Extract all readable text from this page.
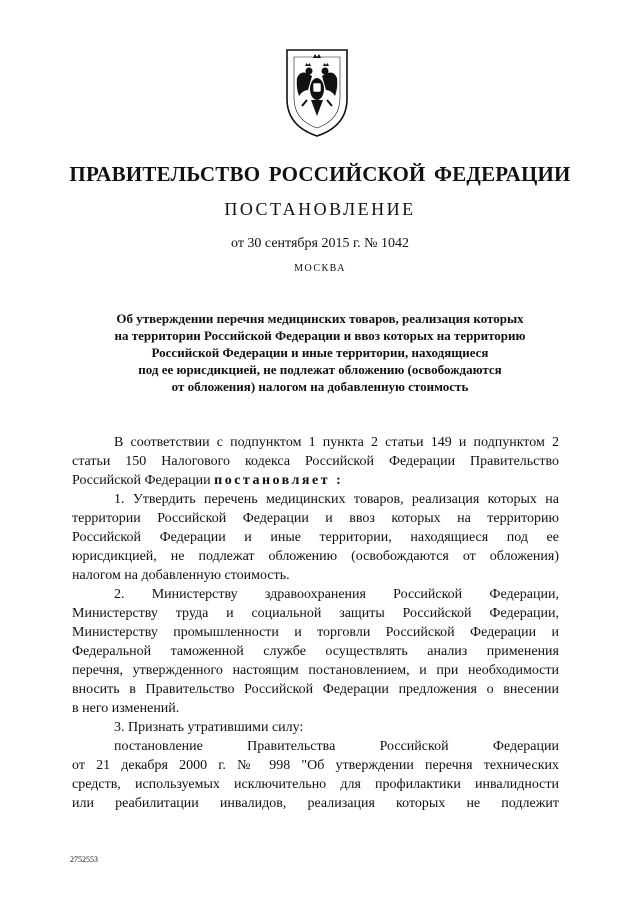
ПРАВИТЕЛЬСТВО РОССИЙСКОЙ ФЕДЕРАЦИИ
ПОСТАНОВЛЕНИЕ
от 30 сентября 2015 г. № 1042
МОСКВА
Об утверждении перечня медицинских товаров, реализация которых
на территории Российской Федерации и ввоз которых на территорию
Российской Федерации и иные территории, находящиеся
под ее юрисдикцией, не подлежат обложению (освобождаются
от обложения) налогом на добавленную стоимость
В соответствии с подпунктом 1 пункта 2 статьи 149 и подпунктом 2
статьи 150 Налогового кодекса Российской Федерации Правительство
Российской Федерации постановляет :
1. Утвердить перечень медицинских товаров, реализация которых на
территории Российской Федерации и ввоз которых на территорию
Российской Федерации и иные территории, находящиеся под ее
юрисдикцией, не подлежат обложению (освобождаются от обложения)
налогом на добавленную стоимость.
2. Министерству здравоохранения Российской Федерации,
Министерству труда и социальной защиты Российской Федерации,
Министерству промышленности и торговли Российской Федерации и
Федеральной таможенной службе осуществлять анализ применения
перечня, утвержденного настоящим постановлением, и при необходимости
вносить в Правительство Российской Федерации предложения о внесении
в него изменений.
3. Признать утратившими силу:
постановление Правительства Российской Федерации
от 21 декабря 2000 г. № 998 "Об утверждении перечня технических
средств, используемых исключительно для профилактики инвалидности
или реабилитации инвалидов, реализация которых не подлежит
2752553
